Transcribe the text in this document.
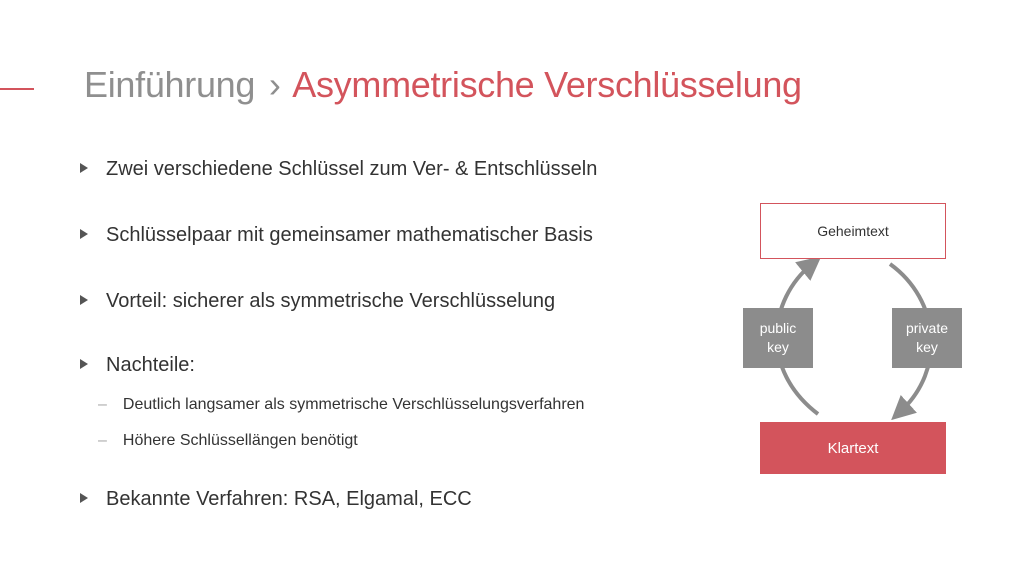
Einführung › Asymmetrische Verschlüsselung
Zwei verschiedene Schlüssel zum Ver- & Entschlüsseln
Schlüsselpaar mit gemeinsamer mathematischer Basis
Vorteil: sicherer als symmetrische Verschlüsselung
Nachteile:
– Deutlich langsamer als symmetrische Verschlüsselungsverfahren
– Höhere Schlüssellängen benötigt
Bekannte Verfahren: RSA, Elgamal, ECC
Geheimtext
public
key
private
key
Klartext
